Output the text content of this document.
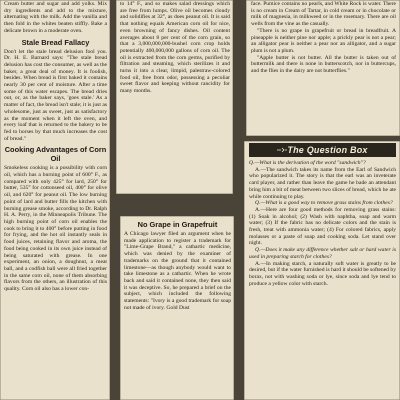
Cream butter and sugar and add yolks. Mix dry ingredients and add to the mixture, alternating with the milk. Add the vanilla and then fold in the whites beaten stiffly. Bake a delicate brown in a moderate oven.

Stale Bread Fallacy

Don't let the stale bread delusion fool you. Dr. H. E. Barnard says: "The stale bread delusion has cost the consumer, as well as the baker, a great deal of money. It is foolish, besides. When bread is first baked it contains nearly 30 per cent of moisture. After a time some of this water escapes. The bread dries out, or, as the baker says, 'goes stale.' As a matter of fact, the bread isn't stale; it is just as wholesome, just as sweet, just as satisfactory as the moment when it left the oven, and every loaf that is returned to the bakery to be fed to horses by that much increases the cost of bread."

Cooking Advantages of Corn Oil

Smokeless cooking is a possibility with corn oil, which has a burning point of 600° F., as compared with only 425° for lard, 250° for butter, 535° for cottonseed oil, 400° for olive oil, and 620° for peanut oil. The low burning point of lard and butter fills the kitchen with burning grease smoke, according to Dr. Ralph H. A. Perry, in the Minneapolis Tribune. The high burning point of corn oil enables the cook to bring it to 400° before putting in food for frying, and the hot oil instantly seals in food juices, retaining flavor and aroma, the food being cooked in its own juice instead of being saturated with grease. In one experiment, an onion, a doughnut, a meat ball, and a codfish ball were all fried together in the same corn oil, none of them absorbing flavors from the others, an illustration of this quality. Corn oil also has a lower con-

to 14° F., and so makes salad dressings which are free from lumps. Olive oil becomes cloudy and solidifies at 32°, as does peanut oil. It is said that nothing equals American corn oil for nice, even browning of fancy dishes. Oil content averages about 8 per cent of the corn grain, so that a 3,000,000,000-bushel corn crop holds potentially 400,000,000 gallons of corn oil. The oil is extracted from the corn germs, purified by filtration and steaming, which sterilizes it and turns it into a clear, limpid, palestraw-colored food oil, free from odor, possessing a peculiar sweet flavor and keeping without rancidity for many months.

No Grape in Grapefruit

A Chicago lawyer filed an argument when he made application to register a trademark for "Lime-Grape Brand," a cathartic medicine, which was denied by the examiner of trademarks on the ground that it contained limestone—as though anybody would want to take limestone as a cathartic. When he wrote back and said it contained none, they then said it was deceptive. So, he prepared a brief on the subject, which included the following statements: "Ivory is a good trademark for soap not made of ivory. Gold Dust

face. Pumice contains no pearls, and White Rock is water. There is no cream in Cream of Tartar, in cold cream or in chocolate or milk of magnesia, in milkweed or in the rosemary. There are oil wells from the vine as the casually.

"There is no grape in grapefruit or bread in breadfruit. A pineapple is neither pine nor apple; a prickly pear is not a pear; an alligator pear is neither a pear nor an alligator, and a sugar plum is not a plum.

"Apple butter is not butter. All the butter is taken out of buttermilk and there is none in butterscotch, nor in buttercups, and the flies in the dairy are not butterflies."

The Question Box

Q.—What is the derivation of the word "sandwich"?

A.—The sandwich takes its name from the Earl of Sandwich who popularized it. The story is that the earl was an inveterate card player, and rather than leave the game he bade an attendant bring him a bit of meat between two slices of bread, which he ate while continuing to play.

Q.—What is a good way to remove grass stains from clothes?

A.—Here are four good methods for removing grass stains: (1) Soak in alcohol; (2) Wash with naphtha, soap and warm water; (3) If the fabric has no delicate colors and the stain is fresh, treat with ammonia water; (4) For colored fabrics, apply molasses or a paste of soap and cooking soda. Let stand over night.

Q.—Does it make any difference whether salt or hard water is used in preparing starch for clothes?

A.—In making starch, a naturally soft water is greatly to be desired, but if the water furnished is hard it should be softened by borax, not with washing soda or lye, since soda and lye tend to produce a yellow color with starch.
